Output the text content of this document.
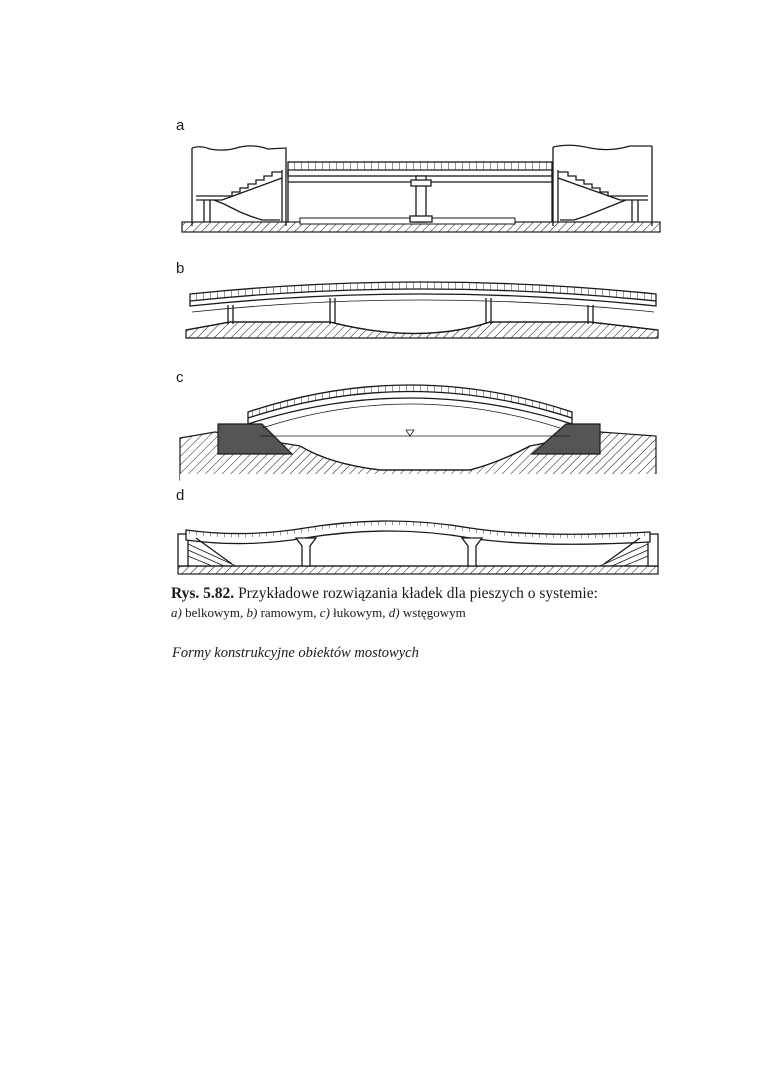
a
b
c
d
Rys. 5.82. Przykładowe rozwiązania kładek dla pieszych o systemie:
a) belkowym, b) ramowym, c) łukowym, d) wstęgowym
Formy konstrukcyjne obiektów mostowych
